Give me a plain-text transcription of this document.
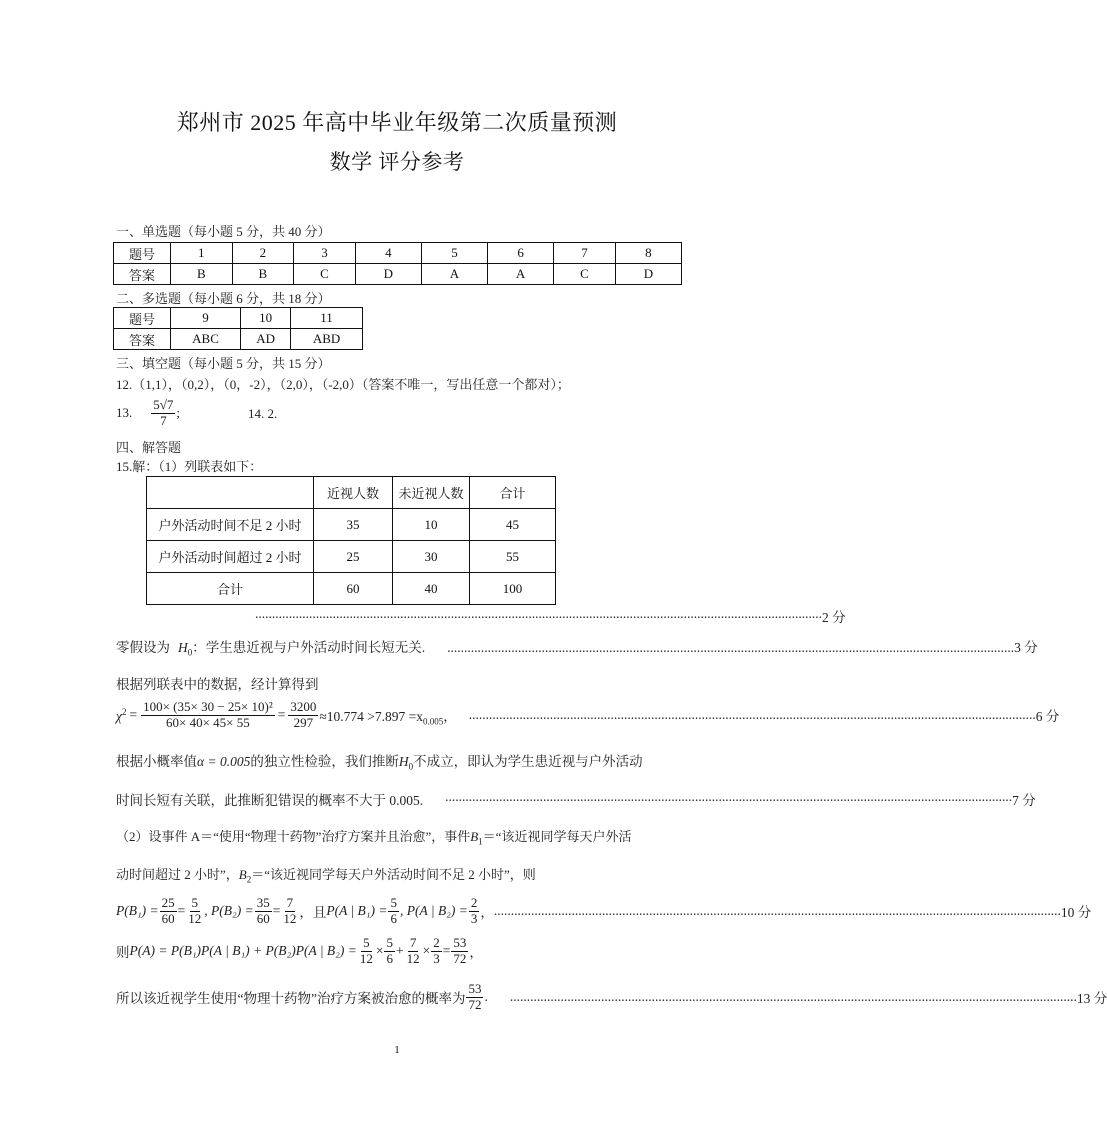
郑州市 2025 年高中毕业年级第二次质量预测
数学 评分参考
一、单选题（每小题 5 分，共 40 分）
题号	1	2	3	4	5	6	7	8
答案	B	B	C	D	A	A	C	D
二、多选题（每小题 6 分，共 18 分）
题号	9	10	11
答案	ABC	AD	ABD
三、填空题（每小题 5 分，共 15 分）
12.（1,1），（0,2），（0，-2），（2,0），（-2,0）（答案不唯一，写出任意一个都对）；
13. $\frac{5√7}{7}$ ;	14. 2.
四、解答题
15.解：（1）列联表如下：
	近视人数	未近视人数	合计
户外活动时间不足 2 小时	35	10	45
户外活动时间超过 2 小时	25	30	55
合计	60	40	100
........................................................................................................................................................................ 2 分
零假设为 $H_0$ ：学生患近视与户外活动时间长短无关. ........................................................................................................................................................................ 3 分
根据列联表中的数据，经计算得到
$\chi^2 = \frac{\text{100× (35× 30 − 25× 10)²}}{60\times 40\times 45\times 55} = \frac{3200}{297} \approx 10.774 >7.897 =x_{0.005}$， ........................................................................................................................................................................ 6 分
根据小概率值α = 0.005的独立性检验，我们推断$H_0$不成立，即认为学生患近视与户外活动
时间长短有关联，此推断犯错误的概率不大于 0.005. ........................................................................................................................................................................ 7 分
（2）设事件 A＝“使用“物理十药物”治疗方案并且治愈”，事件$B_1=“$该近视同学每天户外活
动时间超过 2 小时”，$B_2=“$该近视同学每天户外活动时间不足 2 小时”，则
$P(B_1) = \frac{25}{60} = \frac{5}{12}$ , $P(B_2) = \frac{35}{60} = \frac{7}{12}$ ，且 P(A | $B_1) = \frac{5}{6}$ , P(A | $B_2) = \frac{2}{3}$ ， ........................................................................................................................................................................ 10 分
则 P(A) = P(B₁)P(A | B₁) + P(B₂)P(A | $B_2) = \frac{5}{12} \times \frac{5}{6} + \frac{7}{12} \times \frac{2}{3} = \frac{53}{72}$ ，
所以该近视学生使用“物理十药物”治疗方案被治愈的概率为 $\frac{53}{72}$ . ........................................................................................................................................................................ 13 分
1
